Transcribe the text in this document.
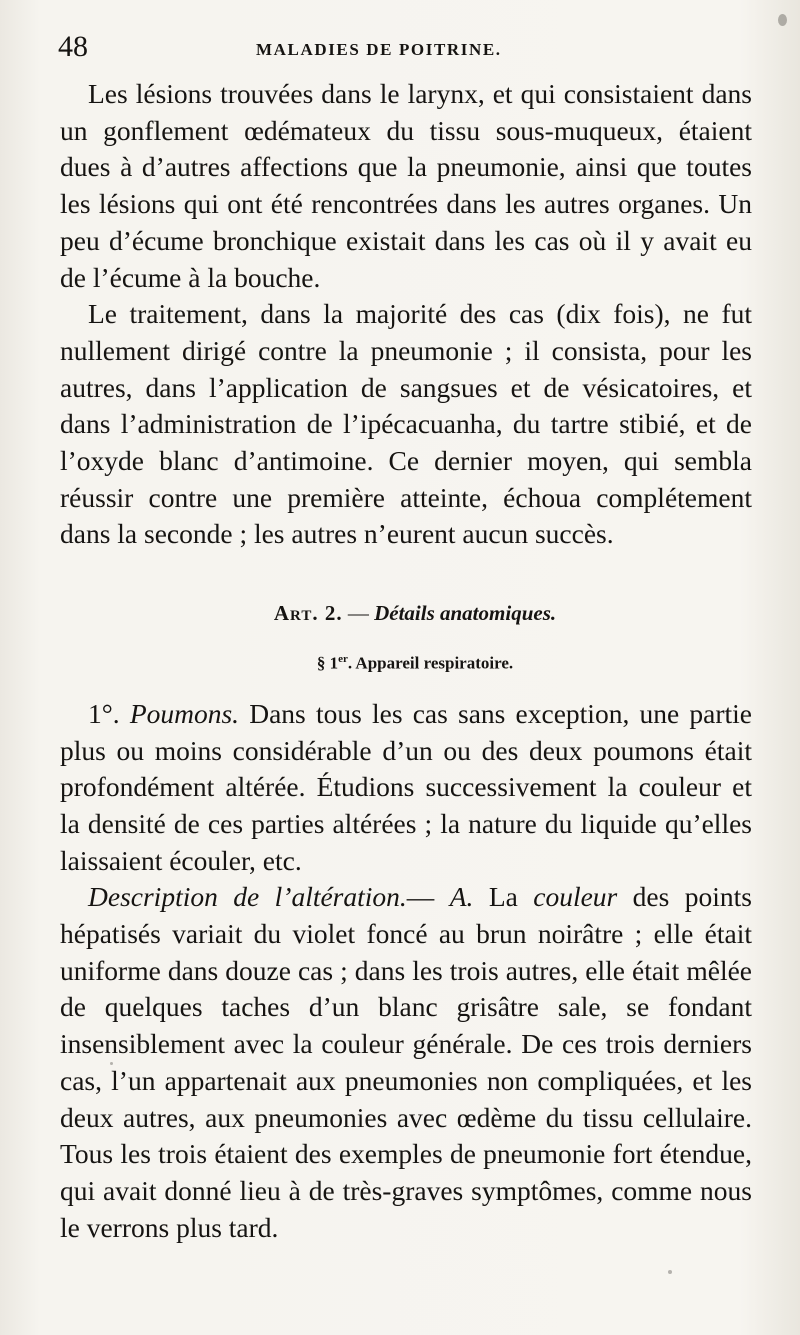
48	MALADIES DE POITRINE.

Les lésions trouvées dans le larynx, et qui consistaient dans un gonflement œdémateux du tissu sous-muqueux, étaient dues à d’autres affections que la pneumonie, ainsi que toutes les lésions qui ont été rencontrées dans les autres organes. Un peu d’écume bronchique existait dans les cas où il y avait eu de l’écume à la bouche.

Le traitement, dans la majorité des cas (dix fois), ne fut nullement dirigé contre la pneumonie ; il consista, pour les autres, dans l’application de sangsues et de vésicatoires, et dans l’administration de l’ipécacuanha, du tartre stibié, et de l’oxyde blanc d’antimoine. Ce dernier moyen, qui sembla réussir contre une première atteinte, échoua complétement dans la seconde ; les autres n’eurent aucun succès.

Art. 2. — Détails anatomiques.
§ 1er. Appareil respiratoire.

1°. Poumons. Dans tous les cas sans exception, une partie plus ou moins considérable d’un ou des deux poumons était profondément altérée. Étudions successivement la couleur et la densité de ces parties altérées ; la nature du liquide qu’elles laissaient écouler, etc.

Description de l’altération.— A. La couleur des points hépatisés variait du violet foncé au brun noirâtre ; elle était uniforme dans douze cas ; dans les trois autres, elle était mêlée de quelques taches d’un blanc grisâtre sale, se fondant insensiblement avec la couleur générale. De ces trois derniers cas, l’un appartenait aux pneumonies non compliquées, et les deux autres, aux pneumonies avec œdème du tissu cellulaire. Tous les trois étaient des exemples de pneumonie fort étendue, qui avait donné lieu à de très-graves symptômes, comme nous le verrons plus tard.
